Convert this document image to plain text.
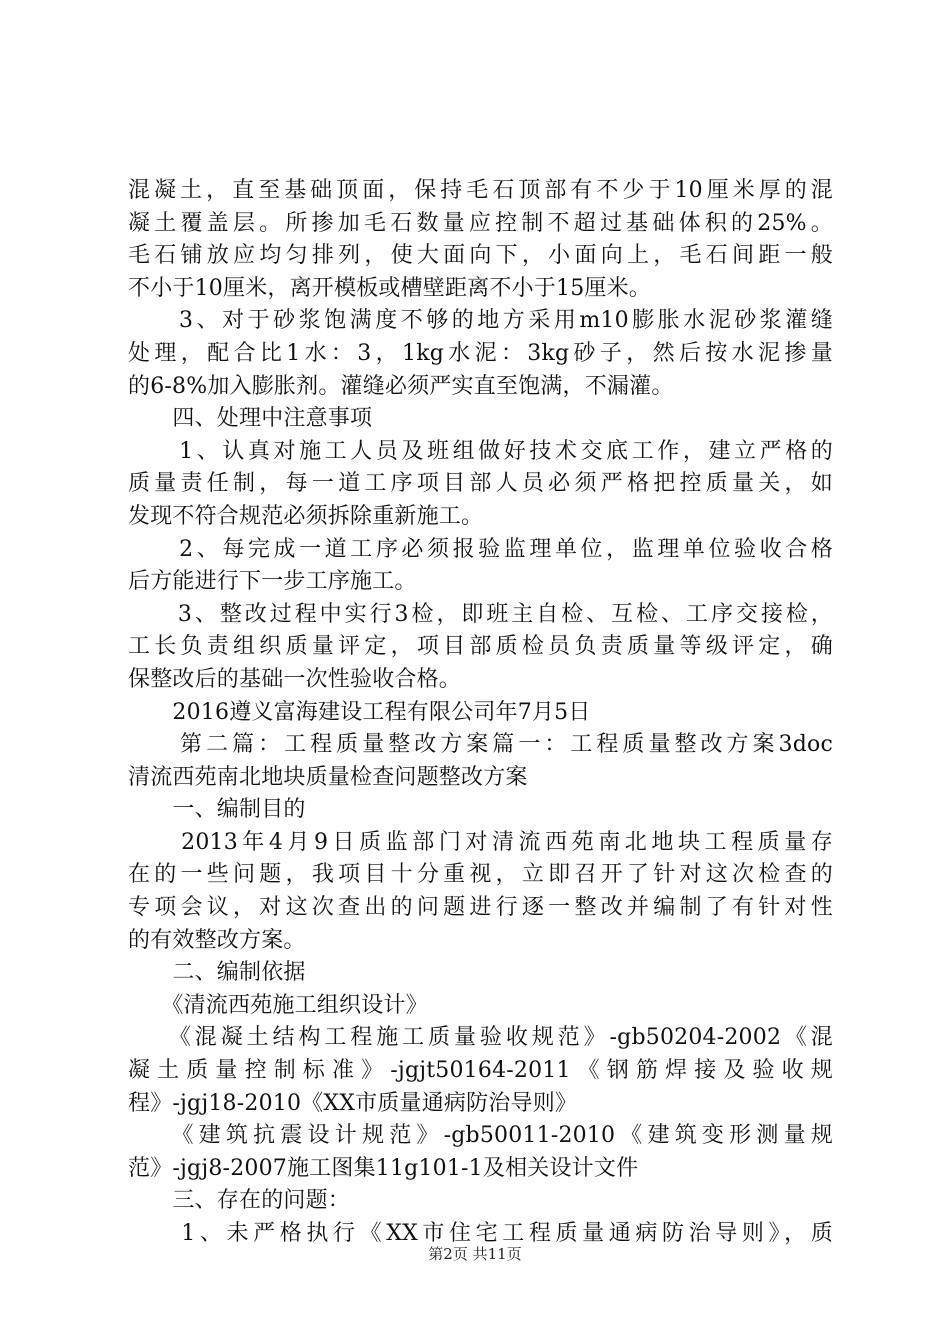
混凝土，直至基础顶面，保持毛石顶部有不少于10厘米厚的混
凝土覆盖层。所掺加毛石数量应控制不超过基础体积的25%。
毛石铺放应均匀排列，使大面向下，小面向上，毛石间距一般
不小于10厘米，离开模板或槽壁距离不小于15厘米。
　　3、对于砂浆饱满度不够的地方采用m10膨胀水泥砂浆灌缝
处理，配合比1水：3，1kg水泥：3kg砂子，然后按水泥掺量
的6-8%加入膨胀剂。灌缝必须严实直至饱满，不漏灌。
　　四、处理中注意事项
　　1、认真对施工人员及班组做好技术交底工作，建立严格的
质量责任制，每一道工序项目部人员必须严格把控质量关，如
发现不符合规范必须拆除重新施工。
　　2、每完成一道工序必须报验监理单位，监理单位验收合格
后方能进行下一步工序施工。
　　3、整改过程中实行3检，即班主自检、互检、工序交接检，
工长负责组织质量评定，项目部质检员负责质量等级评定，确
保整改后的基础一次性验收合格。
　　2016遵义富海建设工程有限公司年7月5日
　　第二篇：工程质量整改方案篇一：工程质量整改方案3doc
清流西苑南北地块质量检查问题整改方案
　　一、编制目的
　　2013年4月9日质监部门对清流西苑南北地块工程质量存
在的一些问题，我项目十分重视，立即召开了针对这次检查的
专项会议，对这次查出的问题进行逐一整改并编制了有针对性
的有效整改方案。
　　二、编制依据
　　《清流西苑施工组织设计》
　　《混凝土结构工程施工质量验收规范》-gb50204-2002《混
凝土质量控制标准》-jgjt50164-2011《钢筋焊接及验收规
程》-jgj18-2010《XX市质量通病防治导则》
　　《建筑抗震设计规范》-gb50011-2010《建筑变形测量规
范》-jgj8-2007施工图集11g101-1及相关设计文件
　　三、存在的问题：
　　1、未严格执行《XX市住宅工程质量通病防治导则》，质
第2页 共11页
